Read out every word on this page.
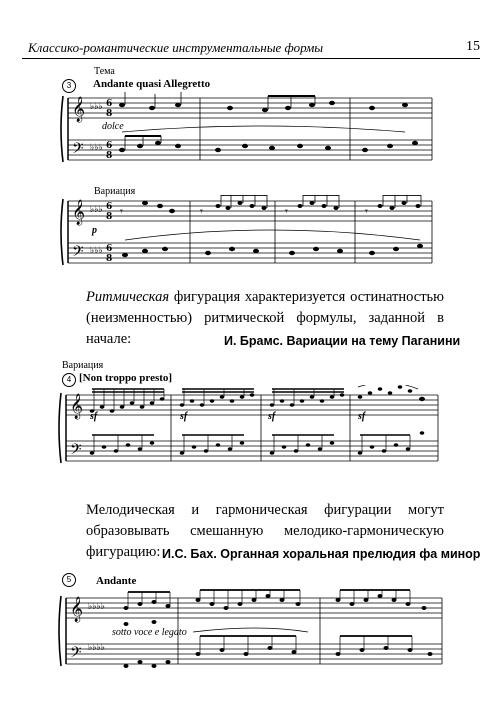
Классико-романтические инструментальные формы	15
3
Тема
Andante quasi Allegretto
𝄞
𝄢
♭♭♭
♭♭♭
6
8
6
8
dolce
Вариация
𝄞
𝄢
♭♭♭
♭♭♭
6
8
6
8
𝄾	𝄾	𝄾	𝄾
p
Ритмическая фигурация характеризуется остинатностью (неизменностью) ритмической формулы, заданной в начале:	И. Брамс. Вариации на тему Паганини
Вариация
4 [Non troppo presto]
𝄞
𝄢
sf	sf	sf	sf
Мелодическая и гармоническая фигурации могут образовывать смешанную мелодико-гармоническую фигурацию: И.С. Бах. Органная хоральная прелюдия фа минор
5	Andante
𝄞
𝄢
♭♭♭♭
♭♭♭♭
sotto voce e legato
